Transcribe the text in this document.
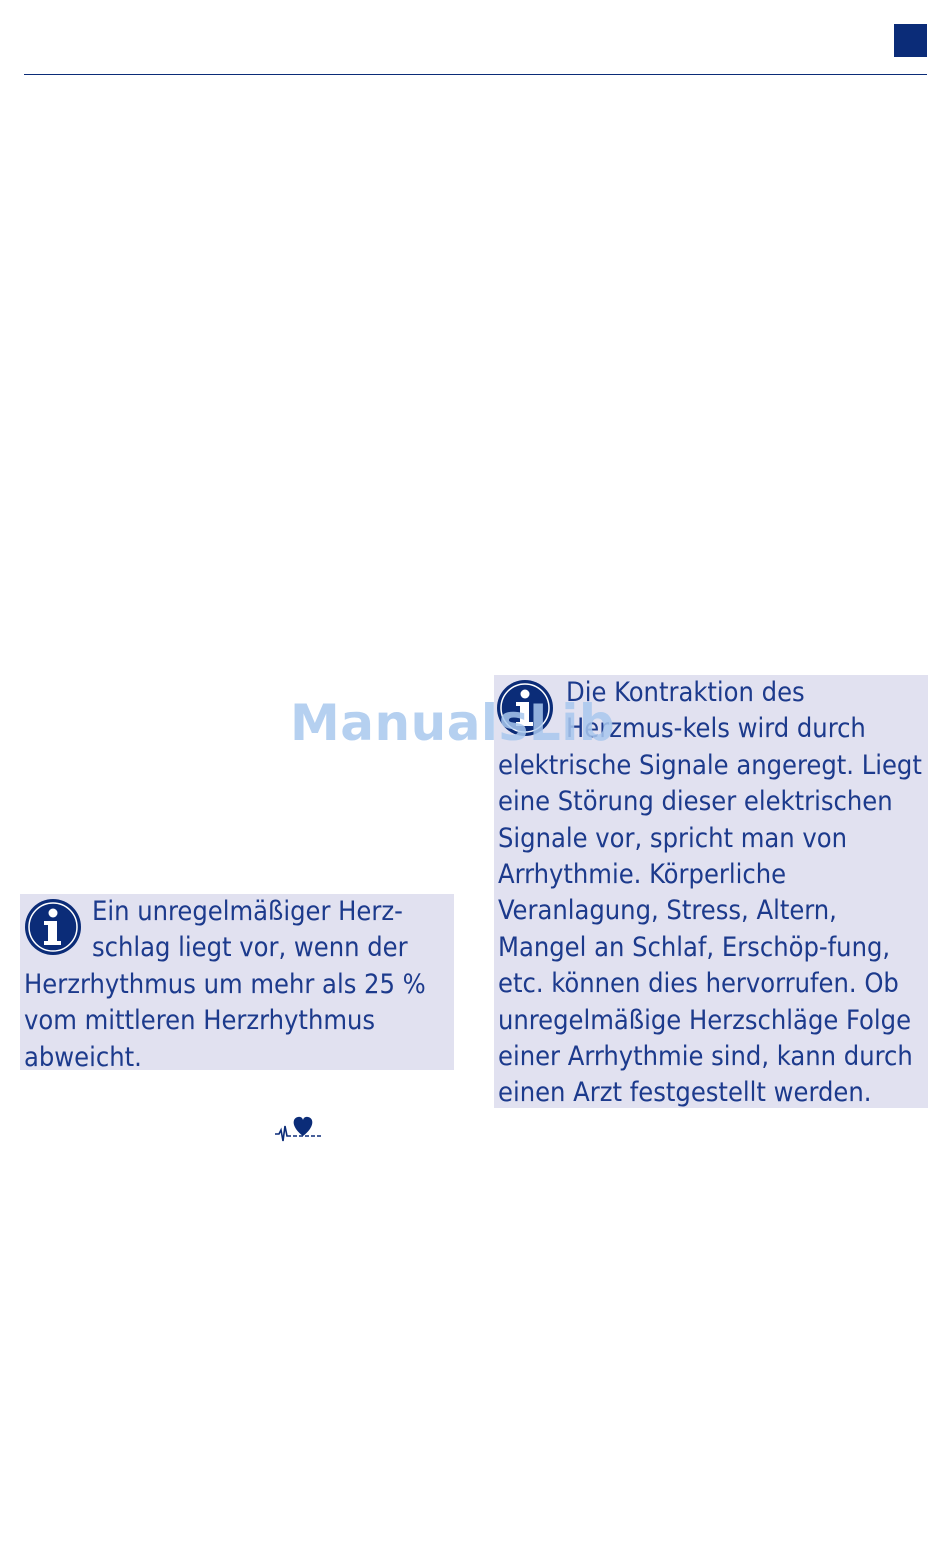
ManualsLib

Die Kontraktion des Herzmus-kels wird durch elektrische Signale angeregt. Liegt eine Störung dieser elektrischen Signale vor, spricht man von Arrhythmie. Körperliche Veranlagung, Stress, Altern, Mangel an Schlaf, Erschöp-fung, etc. können dies hervorrufen. Ob unregelmäßige Herzschläge Folge einer Arrhythmie sind, kann durch einen Arzt festgestellt werden.

Ein unregelmäßiger Herz-schlag liegt vor, wenn der Herzrhythmus um mehr als 25 % vom mittleren Herzrhythmus abweicht.
